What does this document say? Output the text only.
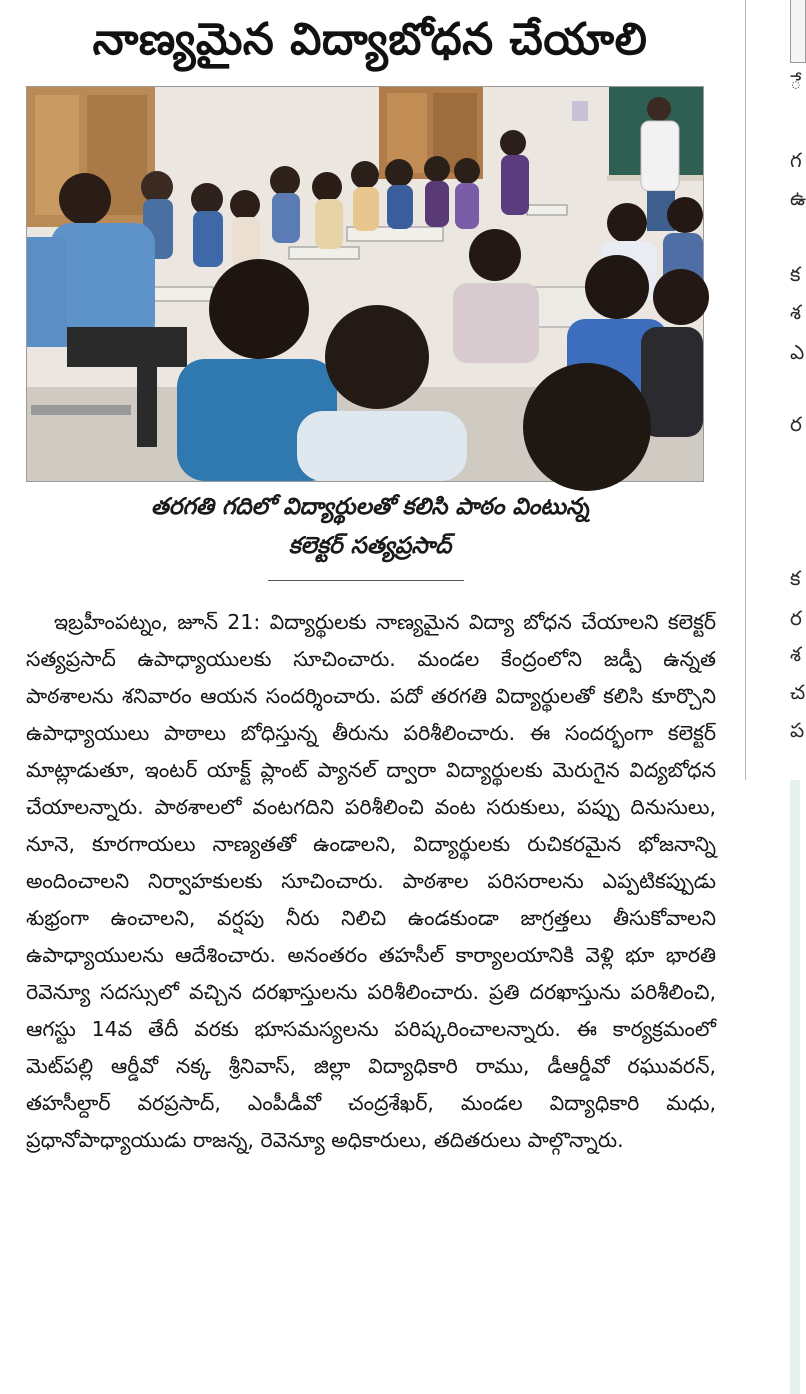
నాణ్యమైన విద్యాబోధన చేయాలి
తరగతి గదిలో విద్యార్థులతో కలిసి పాఠం వింటున్న
కలెక్టర్ సత్యప్రసాద్

ఇబ్రహీంపట్నం, జూన్ 21: విద్యార్థులకు నాణ్యమైన విద్యా బోధన చేయాలని కలెక్టర్ సత్యప్రసాద్ ఉపాధ్యాయులకు సూచించారు. మండల కేంద్రంలోని జడ్పీ ఉన్నత పాఠశాలను శనివారం ఆయన సందర్శించారు. పదో తరగతి విద్యార్థులతో కలిసి కూర్చొని ఉపాధ్యాయులు పాఠాలు బోధిస్తున్న తీరును పరిశీలించారు. ఈ సందర్భంగా కలెక్టర్ మాట్లాడుతూ, ఇంటర్ యాక్ట్ ప్లాంట్ ప్యానల్ ద్వారా విద్యార్థులకు మెరుగైన విద్యబోధన చేయాలన్నారు. పాఠశాలలో వంటగదిని పరిశీలించి వంట సరుకులు, పప్పు దినుసులు, నూనె, కూరగాయలు నాణ్యతతో ఉండాలని, విద్యార్థులకు రుచికరమైన భోజనాన్ని అందించాలని నిర్వాహకులకు సూచించారు. పాఠశాల పరిసరాలను ఎప్పటికప్పుడు శుభ్రంగా ఉంచాలని, వర్షపు నీరు నిలిచి ఉండకుండా జాగ్రత్తలు తీసుకోవాలని ఉపాధ్యాయులను ఆదేశించారు. అనంతరం తహసీల్ కార్యాలయానికి వెళ్లి భూ భారతి రెవెన్యూ సదస్సులో వచ్చిన దరఖాస్తులను పరిశీలించారు. ప్రతి దరఖాస్తును పరిశీలించి, ఆగస్టు 14వ తేదీ వరకు భూసమస్యలను పరిష్కరించాలన్నారు. ఈ కార్యక్రమంలో మెట్‌పల్లి ఆర్డీవో నక్క శ్రీనివాస్, జిల్లా విద్యాధికారి రాము, డీఆర్డీవో రఘువరన్, తహసీల్దార్ వరప్రసాద్, ఎంపీడీవో చంద్రశేఖర్, మండల విద్యాధికారి మధు, ప్రధానోపాధ్యాయుడు రాజన్న, రెవెన్యూ అధికారులు, తదితరులు పాల్గొన్నారు.

ే
గ
ఉ
క
శ
ఎ
ర
క
ర
శ
చ
ప
